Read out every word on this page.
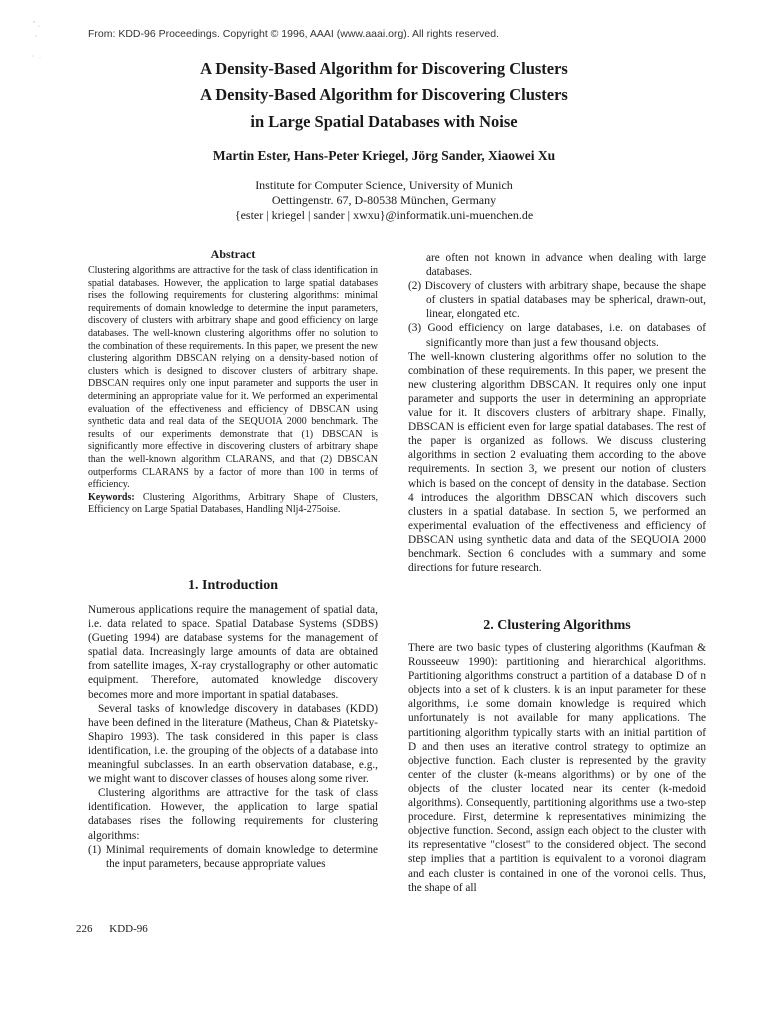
From: KDD-96 Proceedings. Copyright © 1996, AAAI (www.aaai.org). All rights reserved.
A Density-Based Algorithm for Discovering Clusters
A Density-Based Algorithm for Discovering Clusters
in Large Spatial Databases with Noise
Martin Ester, Hans-Peter Kriegel, Jörg Sander, Xiaowei Xu
Institute for Computer Science, University of Munich
Oettingenstr. 67, D-80538 München, Germany
{ester | kriegel | sander | xwxu}@informatik.uni-muenchen.de
Abstract

Clustering algorithms are attractive for the task of class identification in spatial databases. However, the application to large spatial databases rises the following requirements for clustering algorithms: minimal requirements of domain knowledge to determine the input parameters, discovery of clusters with arbitrary shape and good efficiency on large databases. The well-known clustering algorithms offer no solution to the combination of these requirements. In this paper, we present the new clustering algorithm DBSCAN relying on a density-based notion of clusters which is designed to discover clusters of arbitrary shape. DBSCAN requires only one input parameter and supports the user in determining an appropriate value for it. We performed an experimental evaluation of the effectiveness and efficiency of DBSCAN using synthetic data and real data of the SEQUOIA 2000 benchmark. The results of our experiments demonstrate that (1) DBSCAN is significantly more effective in discovering clusters of arbitrary shape than the well-known algorithm CLARANS, and that (2) DBSCAN outperforms CLARANS by a factor of more than 100 in terms of efficiency.

Keywords: Clustering Algorithms, Arbitrary Shape of Clusters, Efficiency on Large Spatial Databases, Handling Nlj4-275oise.

1. Introduction

Numerous applications require the management of spatial data, i.e. data related to space. Spatial Database Systems (SDBS) (Gueting 1994) are database systems for the management of spatial data. Increasingly large amounts of data are obtained from satellite images, X-ray crystallography or other automatic equipment. Therefore, automated knowledge discovery becomes more and more important in spatial databases.

Several tasks of knowledge discovery in databases (KDD) have been defined in the literature (Matheus, Chan & Piatetsky-Shapiro 1993). The task considered in this paper is class identification, i.e. the grouping of the objects of a database into meaningful subclasses. In an earth observation database, e.g., we might want to discover classes of houses along some river.

Clustering algorithms are attractive for the task of class identification. However, the application to large spatial databases rises the following requirements for clustering algorithms:

(1) Minimal requirements of domain knowledge to determine the input parameters, because appropriate values

are often not known in advance when dealing with large databases.

(2) Discovery of clusters with arbitrary shape, because the shape of clusters in spatial databases may be spherical, drawn-out, linear, elongated etc.

(3) Good efficiency on large databases, i.e. on databases of significantly more than just a few thousand objects.

The well-known clustering algorithms offer no solution to the combination of these requirements. In this paper, we present the new clustering algorithm DBSCAN. It requires only one input parameter and supports the user in determining an appropriate value for it. It discovers clusters of arbitrary shape. Finally, DBSCAN is efficient even for large spatial databases. The rest of the paper is organized as follows. We discuss clustering algorithms in section 2 evaluating them according to the above requirements. In section 3, we present our notion of clusters which is based on the concept of density in the database. Section 4 introduces the algorithm DBSCAN which discovers such clusters in a spatial database. In section 5, we performed an experimental evaluation of the effectiveness and efficiency of DBSCAN using synthetic data and data of the SEQUOIA 2000 benchmark. Section 6 concludes with a summary and some directions for future research.

2. Clustering Algorithms

There are two basic types of clustering algorithms (Kaufman & Rousseeuw 1990): partitioning and hierarchical algorithms. Partitioning algorithms construct a partition of a database D of n objects into a set of k clusters. k is an input parameter for these algorithms, i.e some domain knowledge is required which unfortunately is not available for many applications. The partitioning algorithm typically starts with an initial partition of D and then uses an iterative control strategy to optimize an objective function. Each cluster is represented by the gravity center of the cluster (k-means algorithms) or by one of the objects of the cluster located near its center (k-medoid algorithms). Consequently, partitioning algorithms use a two-step procedure. First, determine k representatives minimizing the objective function. Second, assign each object to the cluster with its representative "closest" to the considered object. The second step implies that a partition is equivalent to a voronoi diagram and each cluster is contained in one of the voronoi cells. Thus, the shape of all

226 KDD-96
